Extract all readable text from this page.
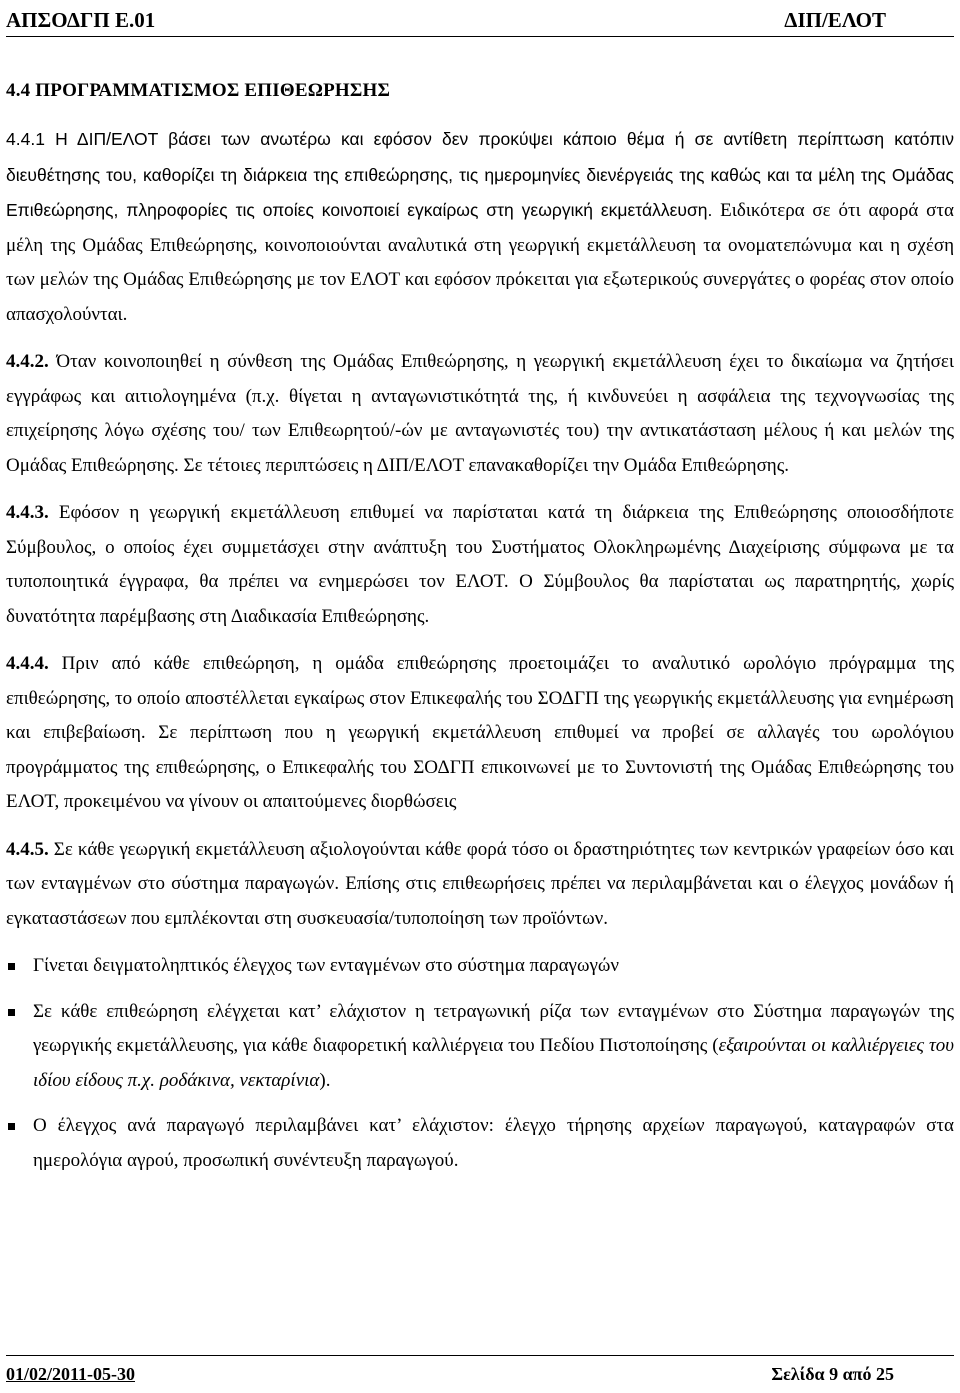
ΑΠΣΟΔΓΠ Ε.01	ΔΙΠ/ΕΛΟΤ
4.4 ΠΡΟΓΡΑΜΜΑΤΙΣΜΟΣ ΕΠΙΘΕΩΡΗΣΗΣ

4.4.1 Η ΔΙΠ/ΕΛΟΤ βάσει των ανωτέρω και εφόσον δεν προκύψει κάποιο θέμα ή σε αντίθετη περίπτωση κατόπιν διευθέτησης του, καθορίζει τη διάρκεια της επιθεώρησης, τις ημερομηνίες διενέργειάς της καθώς και τα μέλη της Ομάδας Επιθεώρησης, πληροφορίες τις οποίες κοινοποιεί εγκαίρως στη γεωργική εκμετάλλευση. Ειδικότερα σε ότι αφορά στα μέλη της Ομάδας Επιθεώρησης, κοινοποιούνται αναλυτικά στη γεωργική εκμετάλλευση τα ονοματεπώνυμα και η σχέση των μελών της Ομάδας Επιθεώρησης με τον ΕΛΟΤ και εφόσον πρόκειται για εξωτερικούς συνεργάτες ο φορέας στον οποίο απασχολούνται.

4.4.2. Όταν κοινοποιηθεί η σύνθεση της Ομάδας Επιθεώρησης, η γεωργική εκμετάλλευση έχει το δικαίωμα να ζητήσει εγγράφως και αιτιολογημένα (π.χ. θίγεται η ανταγωνιστικότητά της, ή κινδυνεύει η ασφάλεια της τεχνογνωσίας της επιχείρησης λόγω σχέσης του/ των Επιθεωρητού/-ών με ανταγωνιστές του) την αντικατάσταση μέλους ή και μελών της Ομάδας Επιθεώρησης. Σε τέτοιες περιπτώσεις η ΔΙΠ/ΕΛΟΤ επανακαθορίζει την Ομάδα Επιθεώρησης.

4.4.3. Εφόσον η γεωργική εκμετάλλευση επιθυμεί να παρίσταται κατά τη διάρκεια της Επιθεώρησης οποιοσδήποτε Σύμβουλος, ο οποίος έχει συμμετάσχει στην ανάπτυξη του Συστήματος Ολοκληρωμένης Διαχείρισης σύμφωνα με τα τυποποιητικά έγγραφα, θα πρέπει να ενημερώσει τον ΕΛΟΤ. Ο Σύμβουλος θα παρίσταται ως παρατηρητής, χωρίς δυνατότητα παρέμβασης στη Διαδικασία Επιθεώρησης.

4.4.4. Πριν από κάθε επιθεώρηση, η ομάδα επιθεώρησης προετοιμάζει το αναλυτικό ωρολόγιο πρόγραμμα της επιθεώρησης, το οποίο αποστέλλεται εγκαίρως στον Επικεφαλής του ΣΟΔΓΠ της γεωργικής εκμετάλλευσης για ενημέρωση και επιβεβαίωση. Σε περίπτωση που η γεωργική εκμετάλλευση επιθυμεί να προβεί σε αλλαγές του ωρολόγιου προγράμματος της επιθεώρησης, ο Επικεφαλής του ΣΟΔΓΠ επικοινωνεί με το Συντονιστή της Ομάδας Επιθεώρησης του ΕΛΟΤ, προκειμένου να γίνουν οι απαιτούμενες διορθώσεις

4.4.5. Σε κάθε γεωργική εκμετάλλευση αξιολογούνται κάθε φορά τόσο οι δραστηριότητες των κεντρικών γραφείων όσο και των ενταγμένων στο σύστημα παραγωγών. Επίσης στις επιθεωρήσεις πρέπει να περιλαμβάνεται και ο έλεγχος μονάδων ή εγκαταστάσεων που εμπλέκονται στη συσκευασία/τυποποίηση των προϊόντων.

Γίνεται δειγματοληπτικός έλεγχος των ενταγμένων στο σύστημα παραγωγών
Σε κάθε επιθεώρηση ελέγχεται κατ’ ελάχιστον η τετραγωνική ρίζα των ενταγμένων στο Σύστημα παραγωγών της γεωργικής εκμετάλλευσης, για κάθε διαφορετική καλλιέργεια του Πεδίου Πιστοποίησης (εξαιρούνται οι καλλιέργειες του ιδίου είδους π.χ. ροδάκινα, νεκταρίνια).
Ο έλεγχος ανά παραγωγό περιλαμβάνει κατ’ ελάχιστον: έλεγχο τήρησης αρχείων παραγωγού, καταγραφών στα ημερολόγια αγρού, προσωπική συνέντευξη παραγωγού.
01/02/2011-05-30	Σελίδα 9 από 25
